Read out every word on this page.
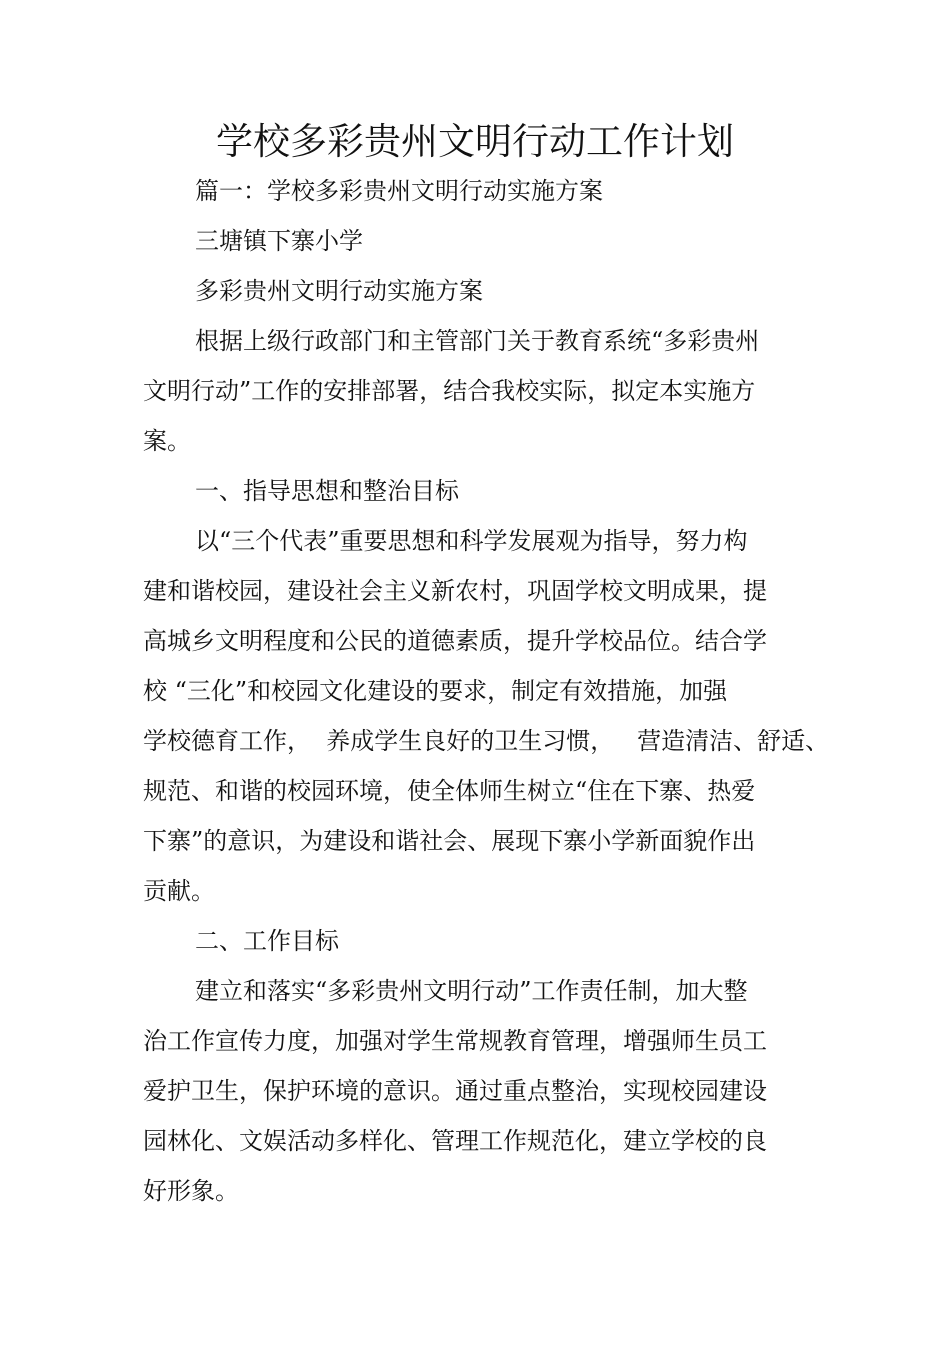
学校多彩贵州文明行动工作计划
篇一：学校多彩贵州文明行动实施方案
三塘镇下寨小学
多彩贵州文明行动实施方案
根据上级行政部门和主管部门关于教育系统“多彩贵州
文明行动”工作的安排部署，结合我校实际，拟定本实施方
案。
一、指导思想和整治目标
以“三个代表”重要思想和科学发展观为指导，努力构
建和谐校园，建设社会主义新农村，巩固学校文明成果，提
高城乡文明程度和公民的道德素质，提升学校品位。结合学
校 “三化”和校园文化建设的要求，制定有效措施，加强
学校德育工作，  养成学生良好的卫生习惯，   营造清洁、舒适、
规范、和谐的校园环境，使全体师生树立“住在下寨、热爱
下寨”的意识，为建设和谐社会、展现下寨小学新面貌作出
贡献。
二、工作目标
建立和落实“多彩贵州文明行动”工作责任制，加大整
治工作宣传力度，加强对学生常规教育管理，增强师生员工
爱护卫生，保护环境的意识。通过重点整治，实现校园建设
园林化、文娱活动多样化、管理工作规范化，建立学校的良
好形象。
